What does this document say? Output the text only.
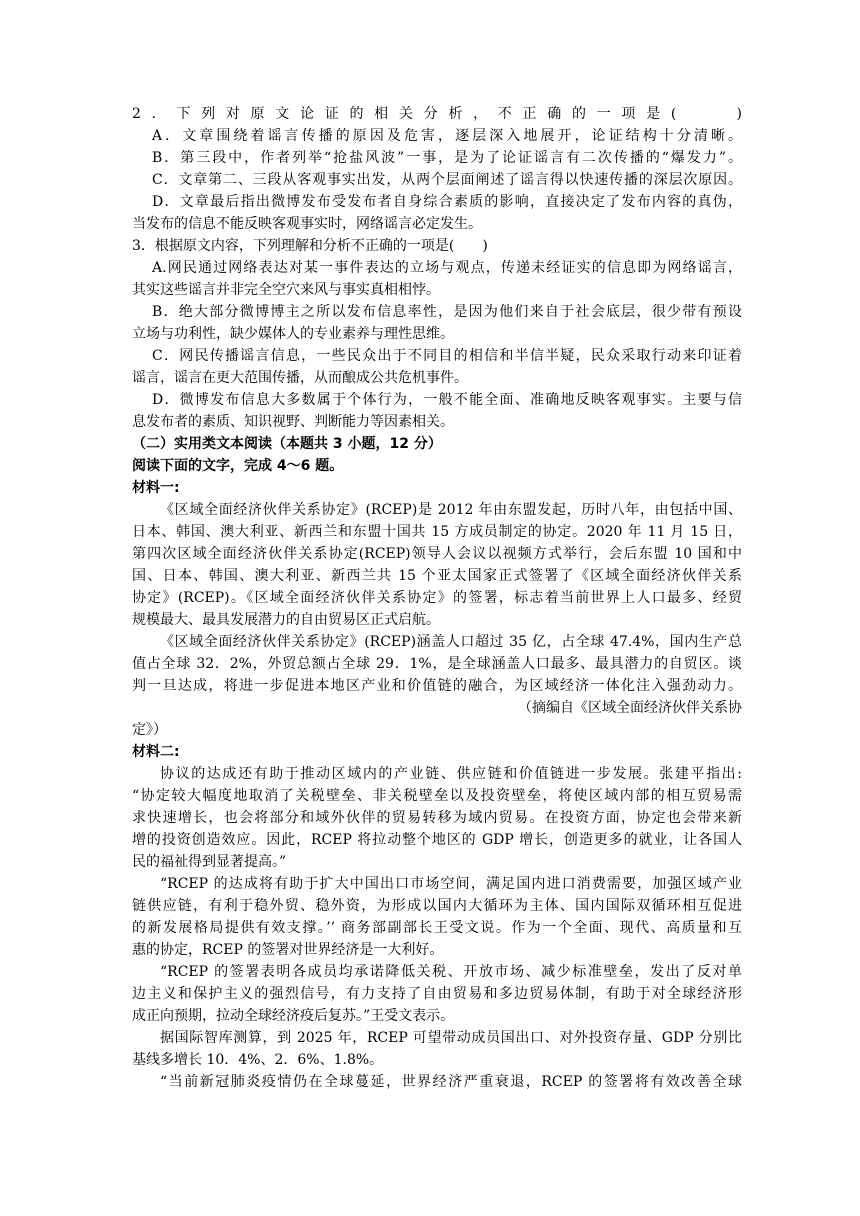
2．下列对原文论证的相关分析，不正确的一项是(　　)
A．文章围绕着谣言传播的原因及危害，逐层深入地展开，论证结构十分清晰。
B．第三段中，作者列举“抢盐风波”一事，是为了论证谣言有二次传播的“爆发力”。
C．文章第二、三段从客观事实出发，从两个层面阐述了谣言得以快速传播的深层次原因。
D．文章最后指出微博发布受发布者自身综合素质的影响，直接决定了发布内容的真伪，
当发布的信息不能反映客观事实时，网络谣言必定发生。
3．根据原文内容，下列理解和分析不正确的一项是(　　)
A.网民通过网络表达对某一事件表达的立场与观点，传递未经证实的信息即为网络谣言，
其实这些谣言并非完全空穴来风与事实真相相悖。
B．绝大部分微博博主之所以发布信息率性，是因为他们来自于社会底层，很少带有预设
立场与功利性，缺少媒体人的专业素养与理性思维。
C．网民传播谣言信息，一些民众出于不同目的相信和半信半疑，民众采取行动来印证着
谣言，谣言在更大范围传播，从而酿成公共危机事件。
D．微博发布信息大多数属于个体行为，一般不能全面、准确地反映客观事实。主要与信
息发布者的素质、知识视野、判断能力等因素相关。
（二）实用类文本阅读（本题共 3 小题，12 分）
阅读下面的文字，完成 4～6 题。
材料一:
《区域全面经济伙伴关系协定》(RCEP)是 2012 年由东盟发起，历时八年，由包括中国、
日本、韩国、澳大利亚、新西兰和东盟十国共 15 方成员制定的协定。2020 年 11 月 15 日，
第四次区域全面经济伙伴关系协定(RCEP)领导人会议以视频方式举行，会后东盟 10 国和中
国、日本、韩国、澳大利亚、新西兰共 15 个亚太国家正式签署了《区域全面经济伙伴关系
协定》(RCEP)。《区域全面经济伙伴关系协定》的签署，标志着当前世界上人口最多、经贸
规模最大、最具发展潜力的自由贸易区正式启航。
《区域全面经济伙伴关系协定》(RCEP)涵盖人口超过 35 亿，占全球 47.4%，国内生产总
值占全球 32．2%，外贸总额占全球 29．1%，是全球涵盖人口最多、最具潜力的自贸区。谈
判一旦达成，将进一步促进本地区产业和价值链的融合，为区域经济一体化注入强劲动力。
（摘编自《区域全面经济伙伴关系协
定》）
材料二:
协议的达成还有助于推动区域内的产业链、供应链和价值链进一步发展。张建平指出:
“协定较大幅度地取消了关税壁垒、非关税壁垒以及投资壁垒，将使区域内部的相互贸易需
求快速增长，也会将部分和域外伙伴的贸易转移为域内贸易。在投资方面，协定也会带来新
增的投资创造效应。因此，RCEP 将拉动整个地区的 GDP 增长，创造更多的就业，让各国人
民的福祉得到显著提高。”
“RCEP 的达成将有助于扩大中国出口市场空间，满足国内进口消费需要，加强区域产业
链供应链，有利于稳外贸、稳外资，为形成以国内大循环为主体、国内国际双循环相互促进
的新发展格局提供有效支撑。’’ 商务部副部长王受文说。作为一个全面、现代、高质量和互
惠的协定，RCEP 的签署对世界经济是一大利好。
“RCEP 的签署表明各成员均承诺降低关税、开放市场、减少标准壁垒，发出了反对单
边主义和保护主义的强烈信号，有力支持了自由贸易和多边贸易体制，有助于对全球经济形
成正向预期，拉动全球经济疫后复苏。”王受文表示。
据国际智库测算，到 2025 年，RCEP 可望带动成员国出口、对外投资存量、GDP 分别比
基线多增长 10．4%、2．6%、1.8%。
“当前新冠肺炎疫情仍在全球蔓延，世界经济严重衰退，RCEP 的签署将有效改善全球
